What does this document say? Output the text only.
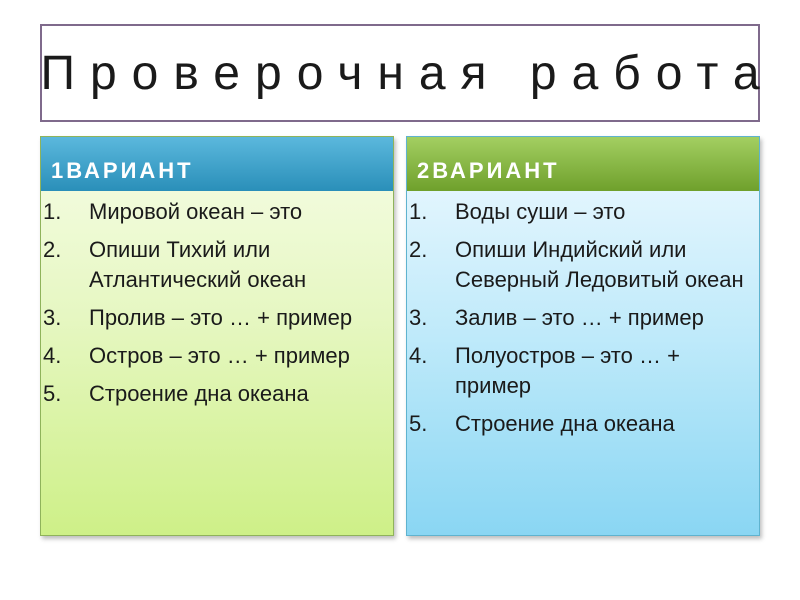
Проверочная работа
1ВАРИАНТ
1.	Мировой океан – это
2.	Опиши Тихий или Атлантический океан
3.	Пролив – это … + пример
4.	Остров – это … + пример
5.	Строение дна океана
2ВАРИАНТ
1.	Воды суши – это
2.	Опиши Индийский или Северный Ледовитый океан
3.	Залив – это … + пример
4.	Полуостров – это … + пример
5.	Строение дна океана
